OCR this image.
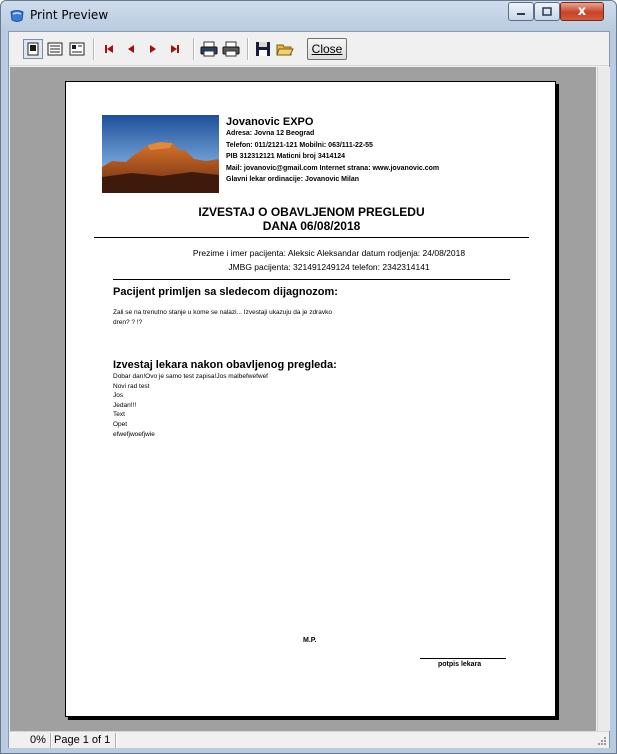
Print Preview	x
Close
Jovanovic EXPO
Adresa: Jovna 12 Beograd
Telefon: 011/2121-121 Mobilni: 063/111-22-55
PIB 312312121 Maticni broj 3414124
Mail: jovanovic@gmail.com Internet strana: www.jovanovic.com
Glavni lekar ordinacije: Jovanovic Milan
IZVESTAJ O OBAVLJENOM PREGLEDU
DANA 06/08/2018
Prezime i imer pacijenta: Aleksic Aleksandar datum rodjenja: 24/08/2018
JMBG pacijenta: 321491249124 telefon: 2342314141
Pacijent primljen sa sledecom dijagnozom:
Zali se na trenutno stanje u kome se nalazi... Izvestaji ukazuju da je zdravko
dren? ? !?
Izvestaj lekara nakon obavljenog pregleda:
Dobar dan!Ovo je samo test zapisa!Jos malbefwefwef
Novi rad test
Jos
Jedan!!!
Text
Opet
efwefjwoefjwie
M.P.
potpis lekara
0% Page 1 of 1
